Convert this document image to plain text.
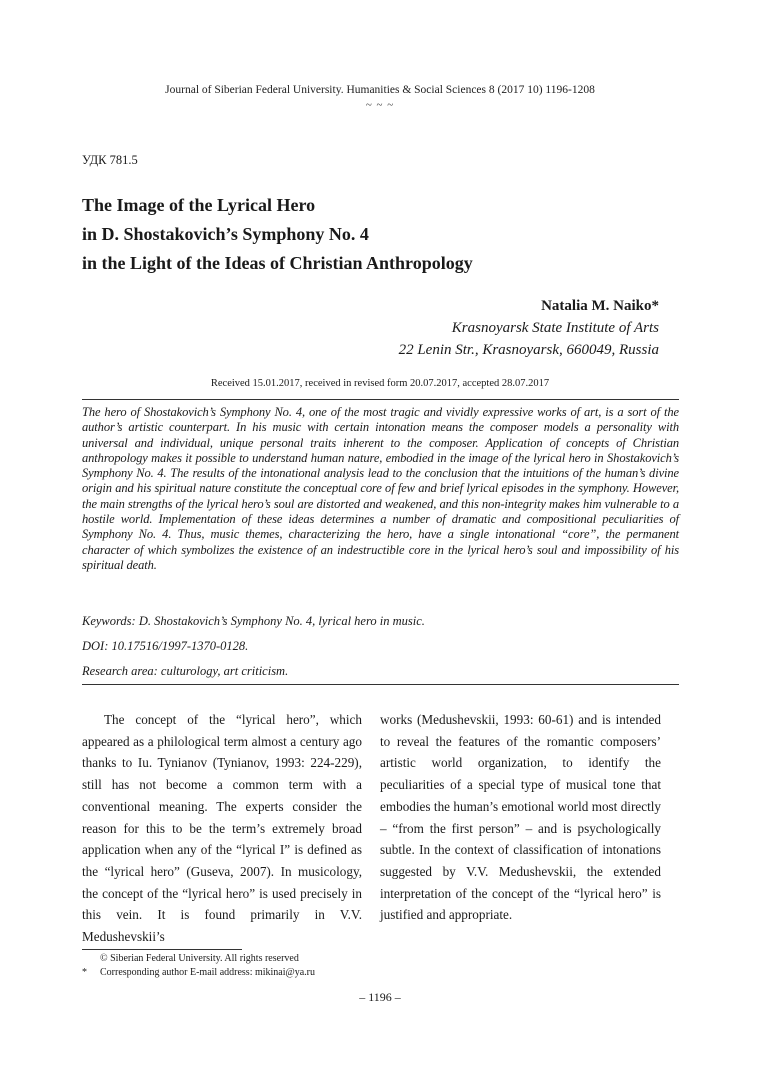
Journal of Siberian Federal University. Humanities & Social Sciences 8 (2017 10) 1196-1208
~ ~ ~
УДК 781.5
The Image of the Lyrical Hero
in D. Shostakovich’s Symphony No. 4
in the Light of the Ideas of Christian Anthropology
Natalia M. Naiko*
Krasnoyarsk State Institute of Arts
22 Lenin Str., Krasnoyarsk, 660049, Russia
Received 15.01.2017, received in revised form 20.07.2017, accepted 28.07.2017
The hero of Shostakovich’s Symphony No. 4, one of the most tragic and vividly expressive works of art, is a sort of the author’s artistic counterpart. In his music with certain intonation means the composer models a personality with universal and individual, unique personal traits inherent to the composer. Application of concepts of Christian anthropology makes it possible to understand human nature, embodied in the image of the lyrical hero in Shostakovich’s Symphony No. 4. The results of the intonational analysis lead to the conclusion that the intuitions of the human’s divine origin and his spiritual nature constitute the conceptual core of few and brief lyrical episodes in the symphony. However, the main strengths of the lyrical hero’s soul are distorted and weakened, and this non-integrity makes him vulnerable to a hostile world. Implementation of these ideas determines a number of dramatic and compositional peculiarities of Symphony No. 4. Thus, music themes, characterizing the hero, have a single intonational “core”, the permanent character of which symbolizes the existence of an indestructible core in the lyrical hero’s soul and impossibility of his spiritual death.
Keywords: D. Shostakovich’s Symphony No. 4, lyrical hero in music.
DOI: 10.17516/1997-1370-0128.
Research area: culturology, art criticism.

The concept of the “lyrical hero”, which appeared as a philological term almost a century ago thanks to Iu. Tynianov (Tynianov, 1993: 224-229), still has not become a common term with a conventional meaning. The experts consider the reason for this to be the term’s extremely broad application when any of the “lyrical I” is defined as the “lyrical hero” (Guseva, 2007). In musicology, the concept of the “lyrical hero” is used precisely in this vein. It is found primarily in V.V. Medushevskii’s

works (Medushevskii, 1993: 60-61) and is intended to reveal the features of the romantic composers’ artistic world organization, to identify the peculiarities of a special type of musical tone that embodies the human’s emotional world most directly – “from the first person” – and is psychologically subtle. In the context of classification of intonations suggested by V.V. Medushevskii, the extended interpretation of the concept of the “lyrical hero” is justified and appropriate.

© Siberian Federal University. All rights reserved
* Corresponding author E-mail address: mikinai@ya.ru
– 1196 –
